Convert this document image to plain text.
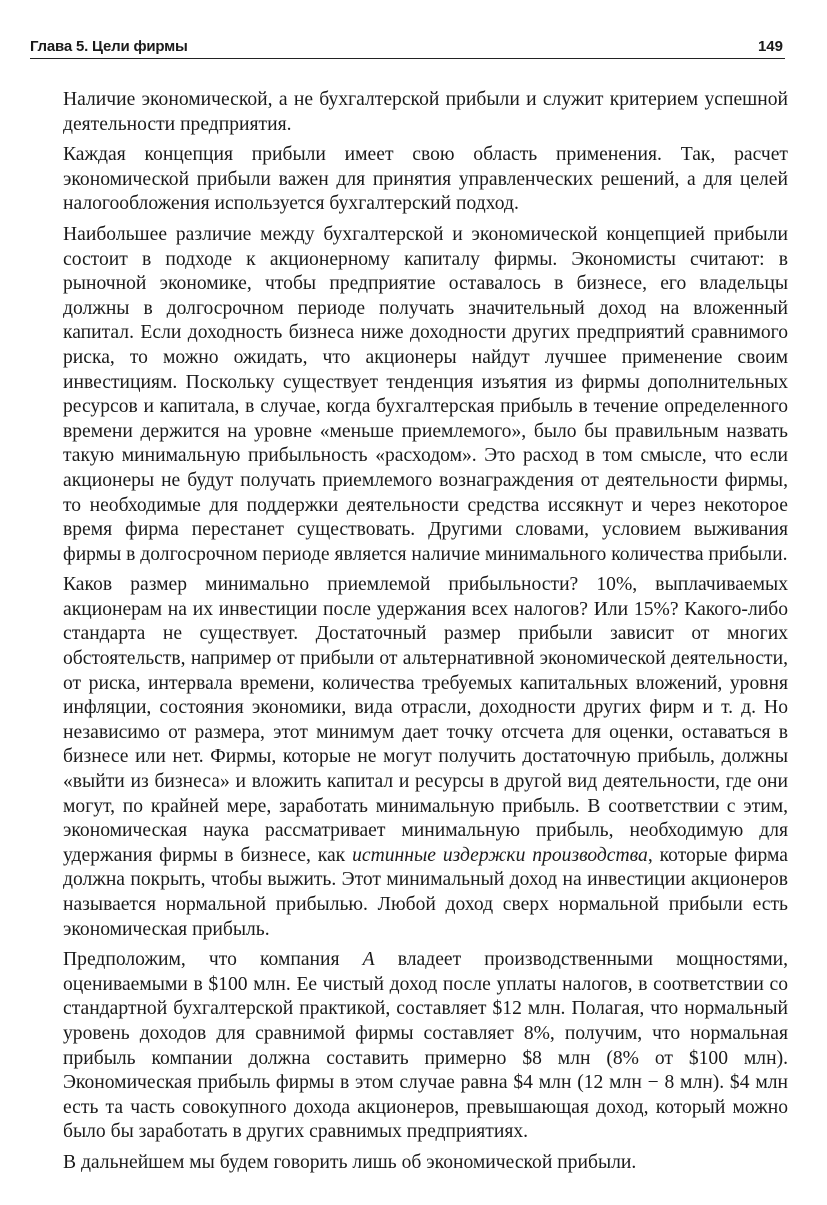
Глава 5. Цели фирмы	149

Наличие экономической, а не бухгалтерской прибыли и служит критерием успешной деятельности предприятия.

Каждая концепция прибыли имеет свою область применения. Так, расчет экономической прибыли важен для принятия управленческих решений, а для целей налогообложения используется бухгалтерский подход.

Наибольшее различие между бухгалтерской и экономической концепцией прибыли состоит в подходе к акционерному капиталу фирмы. Экономисты считают: в рыночной экономике, чтобы предприятие оставалось в бизнесе, его владельцы должны в долгосрочном периоде получать значительный доход на вложенный капитал. Если доходность бизнеса ниже доходности других предприятий сравнимого риска, то можно ожидать, что акционеры найдут лучшее применение своим инвестициям. Поскольку существует тенденция изъятия из фирмы дополнительных ресурсов и капитала, в случае, когда бухгалтерская прибыль в течение определенного времени держится на уровне «меньше приемлемого», было бы правильным назвать такую минимальную прибыльность «расходом». Это расход в том смысле, что если акционеры не будут получать приемлемого вознаграждения от деятельности фирмы, то необходимые для поддержки деятельности средства иссякнут и через некоторое время фирма перестанет существовать. Другими словами, условием выживания фирмы в долгосрочном периоде является наличие минимального количества прибыли.

Каков размер минимально приемлемой прибыльности? 10%, выплачиваемых акционерам на их инвестиции после удержания всех налогов? Или 15%? Какого-либо стандарта не существует. Достаточный размер прибыли зависит от многих обстоятельств, например от прибыли от альтернативной экономической деятельности, от риска, интервала времени, количества требуемых капитальных вложений, уровня инфляции, состояния экономики, вида отрасли, доходности других фирм и т. д. Но независимо от размера, этот минимум дает точку отсчета для оценки, оставаться в бизнесе или нет. Фирмы, которые не могут получить достаточную прибыль, должны «выйти из бизнеса» и вложить капитал и ресурсы в другой вид деятельности, где они могут, по крайней мере, заработать минимальную прибыль. В соответствии с этим, экономическая наука рассматривает минимальную прибыль, необходимую для удержания фирмы в бизнесе, как истинные издержки производства, которые фирма должна покрыть, чтобы выжить. Этот минимальный доход на инвестиции акционеров называется нормальной прибылью. Любой доход сверх нормальной прибыли есть экономическая прибыль.

Предположим, что компания А владеет производственными мощностями, оцениваемыми в $100 млн. Ее чистый доход после уплаты налогов, в соответствии со стандартной бухгалтерской практикой, составляет $12 млн. Полагая, что нормальный уровень доходов для сравнимой фирмы составляет 8%, получим, что нормальная прибыль компании должна составить примерно $8 млн (8% от $100 млн). Экономическая прибыль фирмы в этом случае равна $4 млн (12 млн − 8 млн). $4 млн есть та часть совокупного дохода акционеров, превышающая доход, который можно было бы заработать в других сравнимых предприятиях.

В дальнейшем мы будем говорить лишь об экономической прибыли.
